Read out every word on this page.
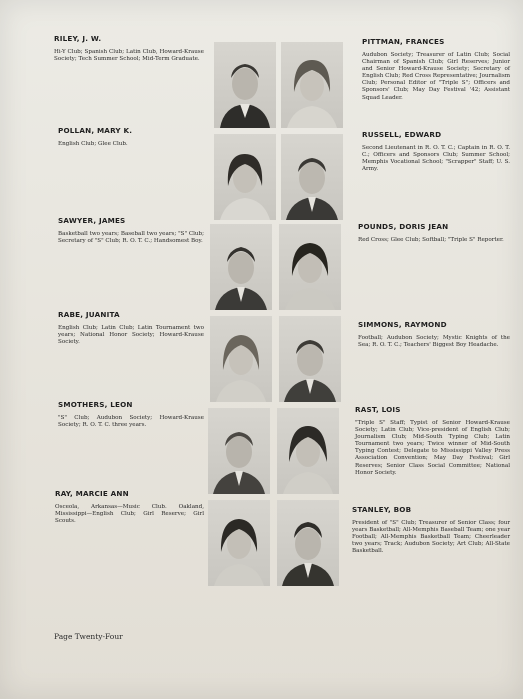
RILEY, J. W.

Hi-Y Club; Spanish Club; Latin Club, Howard-Krause Society; Tech Summer School; Mid-Term Graduate.

POLLAN, MARY K.

English Club; Glee Club.

SAWYER, JAMES

Basketball two years; Baseball two years; "S" Club; Secretary of "S" Club; R. O. T. C.; Handsomest Boy.

RABE, JUANITA

English Club; Latin Club; Latin Tournament two years; National Honor Society; Howard-Krause Society.

SMOTHERS, LEON

"S" Club; Audubon Society; Howard-Krause Society; R. O. T. C. three years.

RAY, MARCIE ANN

Osceola, Arkansas—Music Club. Oakland, Mississippi—English Club; Girl Reserve; Girl Scouts.

PITTMAN, FRANCES

Audubon Society; Treasurer of Latin Club; Social Chairman of Spanish Club; Girl Reserves; Junior and Senior Howard-Krause Society; Secretary of English Club; Red Cross Representative; Journalism Club; Personal Editor of "Triple S"; Officers and Sponsors' Club; May Day Festival '42; Assistant Squad Leader.

RUSSELL, EDWARD

Second Lieutenant in R. O. T. C.; Captain in R. O. T. C.; Officers and Sponsors Club; Summer School; Memphis Vocational School; "Scrapper" Staff; U. S. Army.

POUNDS, DORIS JEAN

Red Cross; Glee Club; Softball; "Triple S" Reporter.

SIMMONS, RAYMOND

Football; Audubon Society; Mystic Knights of the Sea; R. O. T. C.; Teachers' Biggest Boy Headache.

RAST, LOIS

"Triple S" Staff; Typist of Senior Howard-Krause Society; Latin Club; Vice-president of English Club; Journalism Club; Mid-South Typing Club; Latin Tournament two years; Twice winner of Mid-South Typing Contest; Delegate to Mississippi Valley Press Association Convention; May Day Festival; Girl Reserves; Senior Class Social Committee; National Honor Society.

STANLEY, BOB

President of "S" Club; Treasurer of Senior Class; four years Basketball; All-Memphis Baseball Team; one year Football; All-Memphis Basketball Team; Cheerleader two years; Track; Audubon Society; Art Club; All-State Basketball.

Page Twenty-Four
